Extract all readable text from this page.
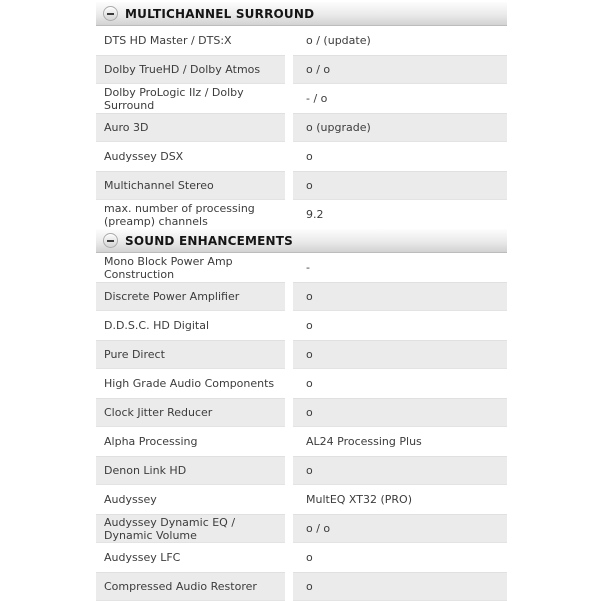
MULTICHANNEL SURROUND
DTS HD Master / DTS:X	o / (update)
Dolby TrueHD / Dolby Atmos	o / o
Dolby ProLogic IIz / Dolby Surround	- / o
Auro 3D	o (upgrade)
Audyssey DSX	o
Multichannel Stereo	o
max. number of processing (preamp) channels	9.2
SOUND ENHANCEMENTS
Mono Block Power Amp Construction	-
Discrete Power Amplifier	o
D.D.S.C. HD Digital	o
Pure Direct	o
High Grade Audio Components	o
Clock Jitter Reducer	o
Alpha Processing	AL24 Processing Plus
Denon Link HD	o
Audyssey	MultEQ XT32 (PRO)
Audyssey Dynamic EQ / Dynamic Volume	o / o
Audyssey LFC	o
Compressed Audio Restorer	o
